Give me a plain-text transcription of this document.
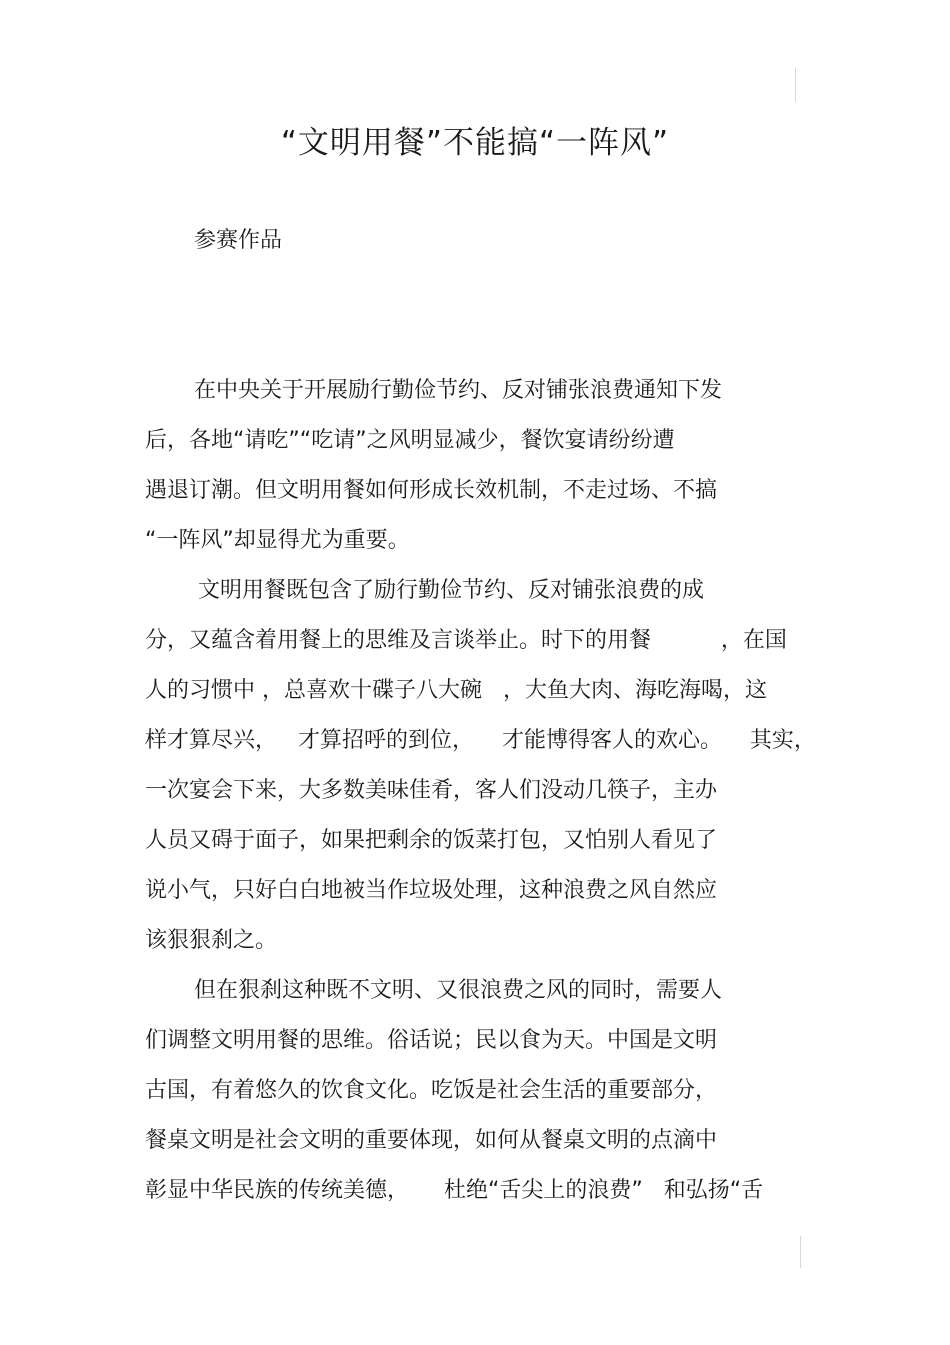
“文明用餐”不能搞“一阵风”

参赛作品

在中央关于开展励行勤俭节约、反对铺张浪费通知下发

后，各地“请吃”“吃请”之风明显减少，餐饮宴请纷纷遭

遇退订潮。但文明用餐如何形成长效机制，不走过场、不搞

“一阵风”却显得尤为重要。

文明用餐既包含了励行勤俭节约、反对铺张浪费的成

分，又蕴含着用餐上的思维及言谈举止。时下的用餐          ，在国

人的习惯中 ，总喜欢十碟子八大碗   ，大鱼大肉、海吃海喝，这

样才算尽兴，   才算招呼的到位，    才能博得客人的欢心。    其实，

一次宴会下来，大多数美味佳肴，客人们没动几筷子，主办

人员又碍于面子，如果把剩余的饭菜打包，又怕别人看见了

说小气，只好白白地被当作垃圾处理，这种浪费之风自然应

该狠狠刹之。

但在狠刹这种既不文明、又很浪费之风的同时，需要人

们调整文明用餐的思维。俗话说；民以食为天。中国是文明

古国，有着悠久的饮食文化。吃饭是社会生活的重要部分，

餐桌文明是社会文明的重要体现，如何从餐桌文明的点滴中

彰显中华民族的传统美德，     杜绝“舌尖上的浪费”   和弘扬“舌
